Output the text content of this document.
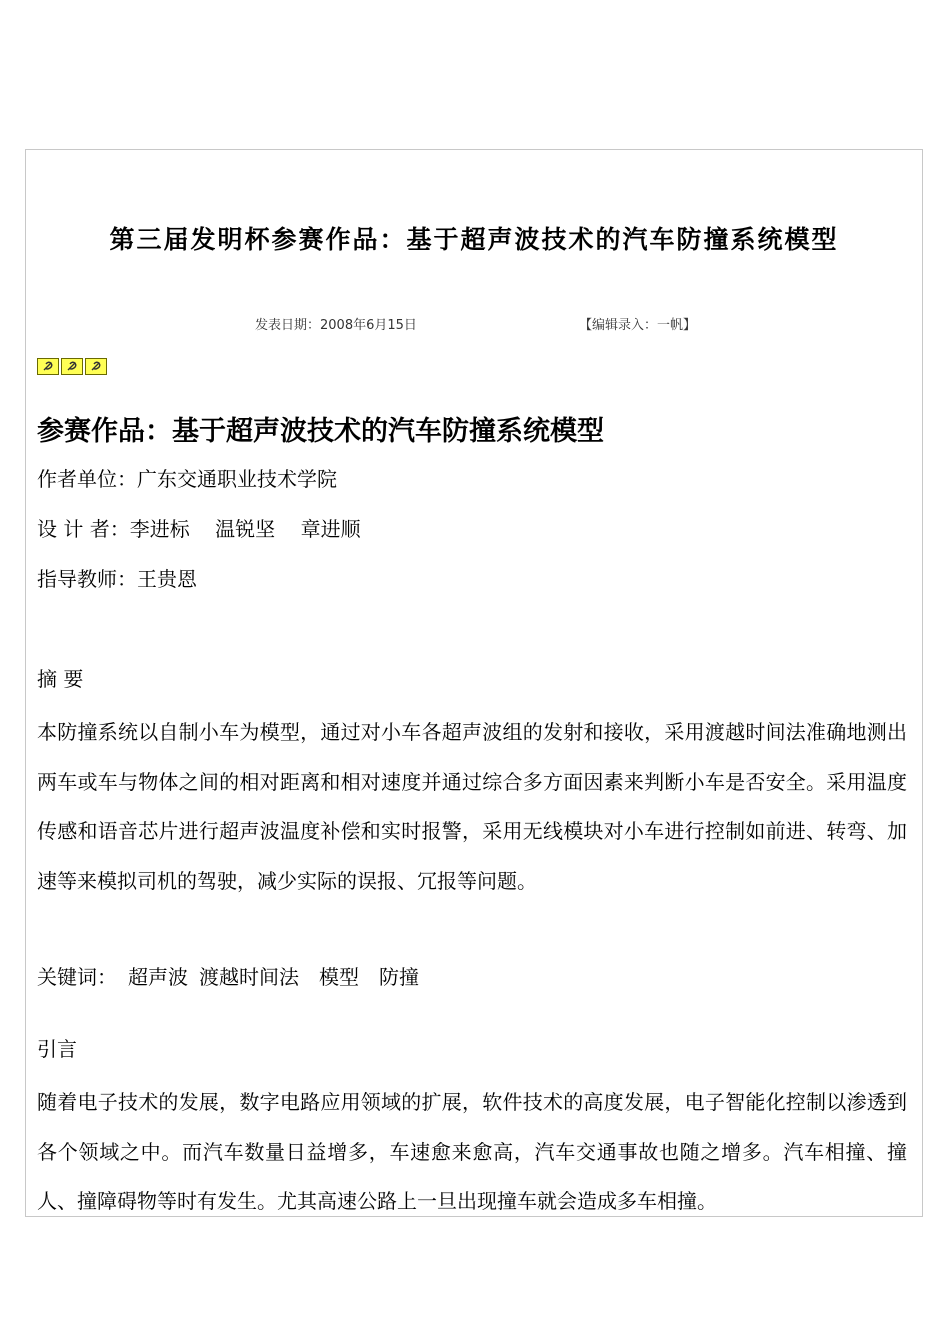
第三届发明杯参赛作品：基于超声波技术的汽车防撞系统模型
发表日期：2008年6月15日	【编辑录入：一帆】
参赛作品：基于超声波技术的汽车防撞系统模型
作者单位：广东交通职业技术学院
设 计 者：李进标    温锐坚    章进顺
指导教师：王贵恩
摘 要

本防撞系统以自制小车为模型，通过对小车各超声波组的发射和接收，采用渡越时间法准确地测出两车或车与物体之间的相对距离和相对速度并通过综合多方面因素来判断小车是否安全。采用温度传感和语音芯片进行超声波温度补偿和实时报警，采用无线模块对小车进行控制如前进、转弯、加速等来模拟司机的驾驶，减少实际的误报、冗报等问题。

关键词： 超声波 渡越时间法 模型 防撞
引言

随着电子技术的发展，数字电路应用领域的扩展，软件技术的高度发展，电子智能化控制以渗透到各个领域之中。而汽车数量日益增多，车速愈来愈高，汽车交通事故也随之增多。汽车相撞、撞人、撞障碍物等时有发生。尤其高速公路上一旦出现撞车就会造成多车相撞。
